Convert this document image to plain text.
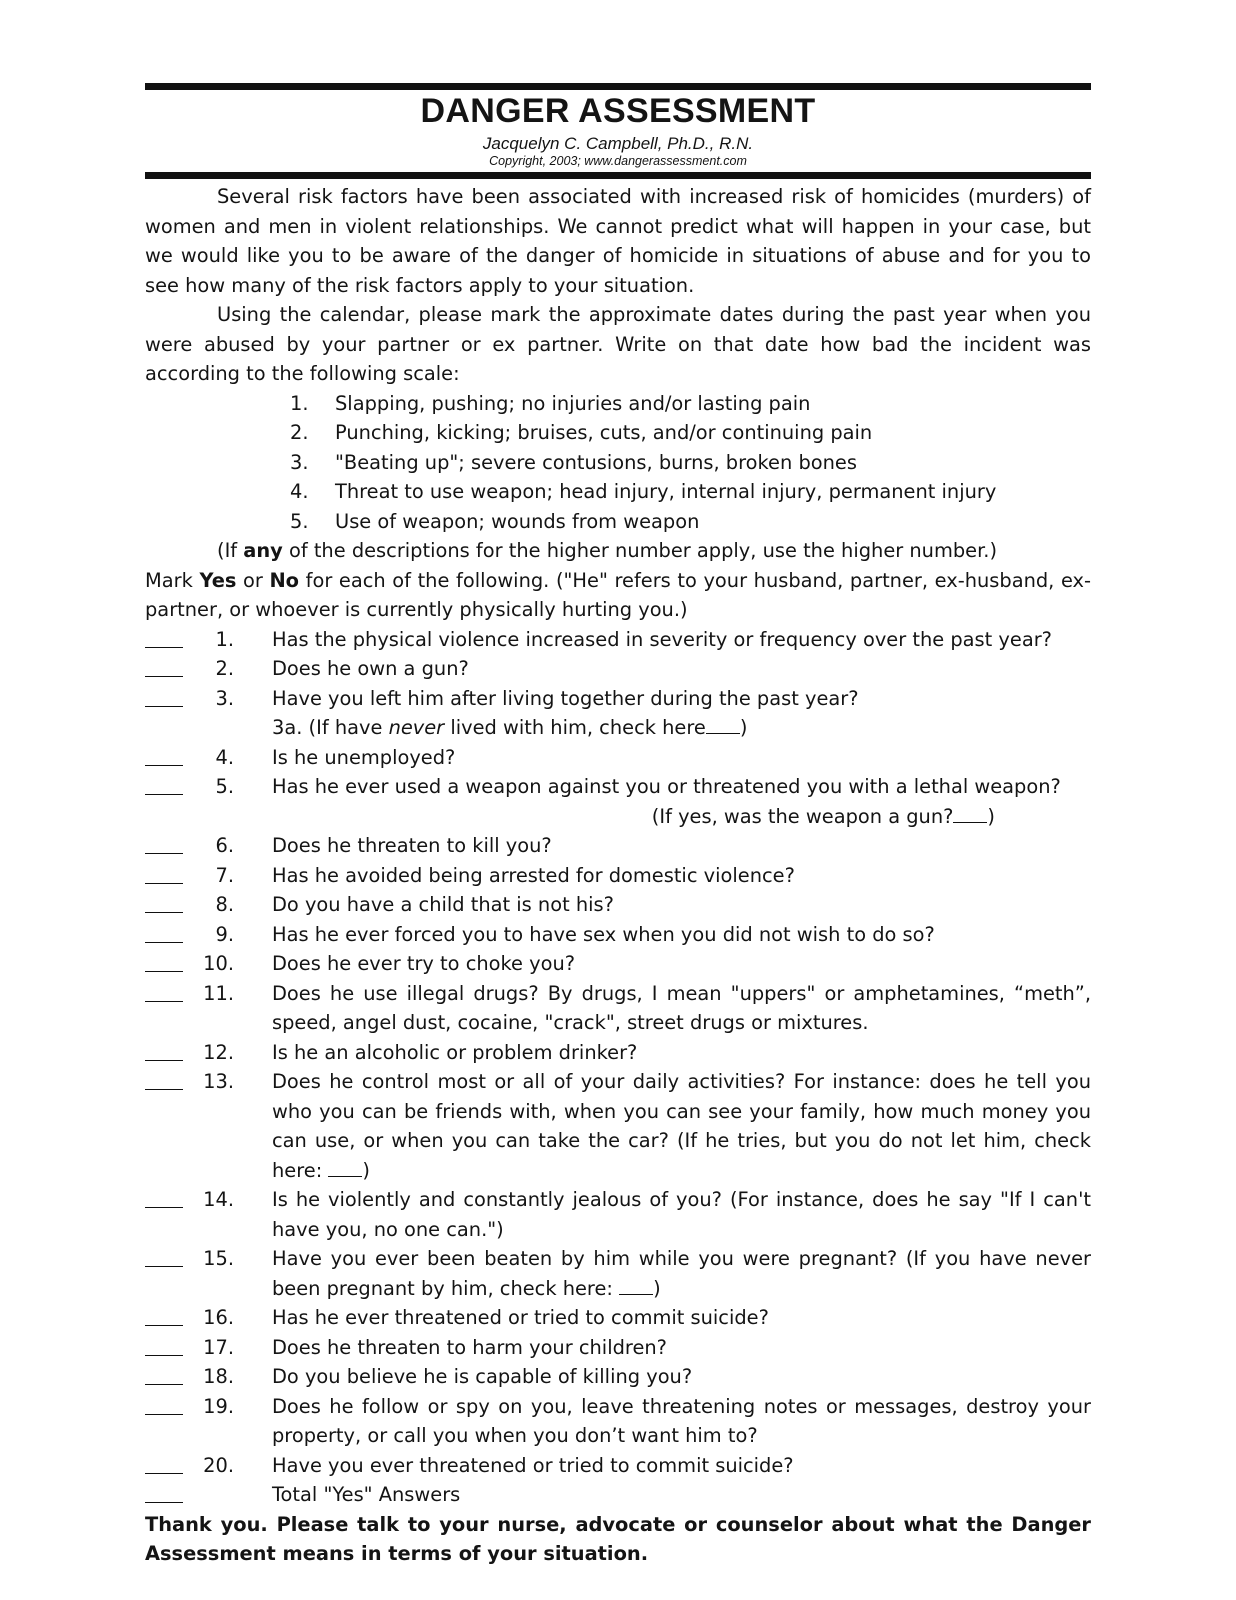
DANGER ASSESSMENT
Jacquelyn C. Campbell, Ph.D., R.N.
Copyright, 2003; www.dangerassessment.com

Several risk factors have been associated with increased risk of homicides (murders) of women and men in violent relationships. We cannot predict what will happen in your case, but we would like you to be aware of the danger of homicide in situations of abuse and for you to see how many of the risk factors apply to your situation.

Using the calendar, please mark the approximate dates during the past year when you were abused by your partner or ex partner. Write on that date how bad the incident was according to the following scale:

1.	Slapping, pushing; no injuries and/or lasting pain
2.	Punching, kicking; bruises, cuts, and/or continuing pain
3.	"Beating up"; severe contusions, burns, broken bones
4.	Threat to use weapon; head injury, internal injury, permanent injury
5.	Use of weapon; wounds from weapon
(If any of the descriptions for the higher number apply, use the higher number.)

Mark Yes or No for each of the following. ("He" refers to your husband, partner, ex-husband, ex-partner, or whoever is currently physically hurting you.)

1.	Has the physical violence increased in severity or frequency over the past year?
2.	Does he own a gun?
3.	Have you left him after living together during the past year?
3a. (If have never lived with him, check here )
4.	Is he unemployed?
5.	Has he ever used a weapon against you or threatened you with a lethal weapon?
(If yes, was the weapon a gun? )
6.	Does he threaten to kill you?
7.	Has he avoided being arrested for domestic violence?
8.	Do you have a child that is not his?
9.	Has he ever forced you to have sex when you did not wish to do so?
10.	Does he ever try to choke you?
11.	Does he use illegal drugs? By drugs, I mean "uppers" or amphetamines, “meth”, speed, angel dust, cocaine, "crack", street drugs or mixtures.
12.	Is he an alcoholic or problem drinker?
13.	Does he control most or all of your daily activities? For instance: does he tell you who you can be friends with, when you can see your family, how much money you can use, or when you can take the car? (If he tries, but you do not let him, check here: )
14.	Is he violently and constantly jealous of you? (For instance, does he say "If I can't have you, no one can.")
15.	Have you ever been beaten by him while you were pregnant? (If you have never been pregnant by him, check here: )
16.	Has he ever threatened or tried to commit suicide?
17.	Does he threaten to harm your children?
18.	Do you believe he is capable of killing you?
19.	Does he follow or spy on you, leave threatening notes or messages, destroy your property, or call you when you don’t want him to?
20.	Have you ever threatened or tried to commit suicide?
Total "Yes" Answers

Thank you. Please talk to your nurse, advocate or counselor about what the Danger Assessment means in terms of your situation.
